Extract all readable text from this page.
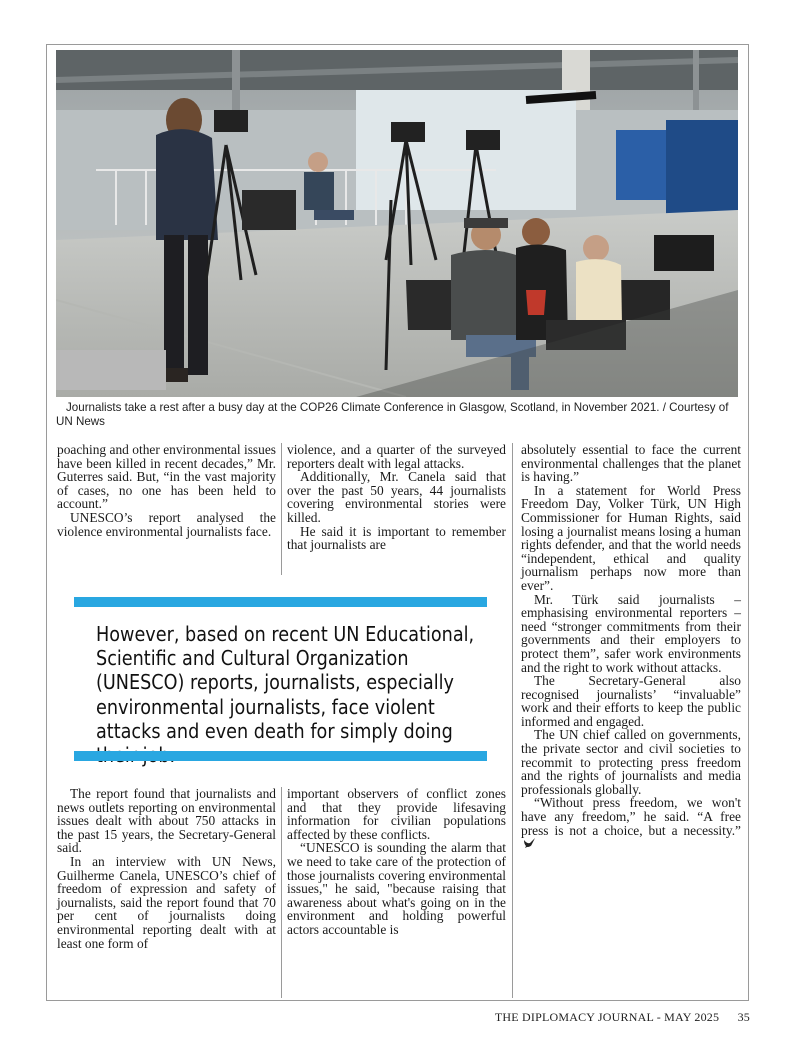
Journalists take a rest after a busy day at the COP26 Climate Conference in Glasgow, Scotland, in November 2021. / Courtesy of UN News

poaching and other environmental issues have been killed in recent decades,” Mr. Guterres said. But, “in the vast majority of cases, no one has been held to account.”

UNESCO’s report analysed the violence environmental journalists face.

violence, and a quarter of the surveyed reporters dealt with legal attacks.

Additionally, Mr. Canela said that over the past 50 years, 44 journalists covering environmental stories were killed.

He said it is important to remember that journalists are

absolutely essential to face the current environmental challenges that the planet is having.”

In a statement for World Press Freedom Day, Volker Türk, UN High Commissioner for Human Rights, said losing a journalist means losing a human rights defender, and that the world needs “independent, ethical and quality journalism perhaps now more than ever”.

Mr. Türk said journalists – emphasising environmental reporters – need “stronger commitments from their governments and their employers to protect them”, safer work environments and the right to work without attacks.

The Secretary-General also recognised journalists’ “invaluable” work and their efforts to keep the public informed and engaged.

The UN chief called on governments, the private sector and civil societies to recommit to protecting press freedom and the rights of journalists and media professionals globally.

“Without press freedom, we won't have any freedom,” he said. “A free press is not a choice, but a necessity.”

However, based on recent UN Educational, Scientific and Cultural Organization (UNESCO) reports, journalists, especially environmental journalists, face violent attacks and even death for simply doing

The report found that journalists and news outlets reporting on environmental issues dealt with about 750 attacks in the past 15 years, the Secretary-General said.

In an interview with UN News, Guilherme Canela, UNESCO’s chief of freedom of expression and safety of journalists, said the report found that 70 per cent of journalists doing environmental reporting dealt with at least one form of

important observers of conflict zones and that they provide lifesaving information for civilian populations affected by these conflicts.

“UNESCO is sounding the alarm that we need to take care of the protection of those journalists covering environmental issues," he said, "because raising that awareness about what's going on in the environment and holding powerful actors accountable is

THE DIPLOMACY JOURNAL - MAY 2025 35
